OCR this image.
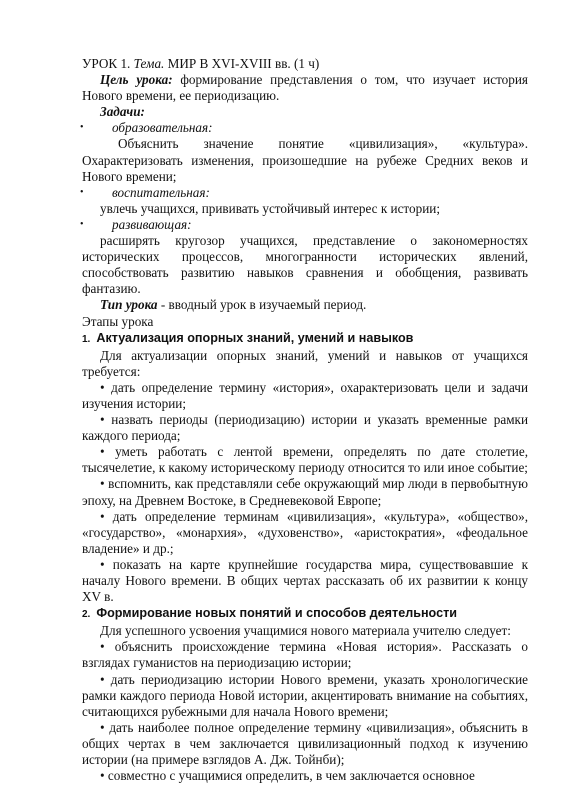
УРОК 1. Тема. МИР В XVI-XVIII вв. (1 ч)

Цель урока: формирование представления о том, что изучает история Нового времени, ее периодизацию.

Задачи:

• образовательная:

Объяснить значение понятие «цивилизация», «культура». Охарактеризовать изменения, произошедшие на рубеже Средних веков и Нового времени;

• воспитательная:

увлечь учащихся, прививать устойчивый интерес к истории;

• развивающая:

расширять кругозор учащихся, представление о закономерностях исторических процессов, многогранности исторических явлений, способствовать развитию навыков сравнения и обобщения, развивать фантазию.

Тип урока - вводный урок в изучаемый период.

Этапы урока

1. Актуализация опорных знаний, умений и навыков

Для актуализации опорных знаний, умений и навыков от учащихся требуется:

• дать определение термину «история», охарактеризовать цели и задачи изучения истории;

• назвать периоды (периодизацию) истории и указать временные рамки каждого периода;

• уметь работать с лентой времени, определять по дате столетие, тысячелетие, к какому историческому периоду относится то или иное событие;

• вспомнить, как представляли себе окружающий мир люди в первобытную эпоху, на Древнем Востоке, в Средневековой Европе;

• дать определение терминам «цивилизация», «культура», «общество», «государство», «монархия», «духовенство», «аристократия», «феодальное владение» и др.;

• показать на карте крупнейшие государства мира, существовавшие к началу Нового времени. В общих чертах рассказать об их развитии к концу XV в.

2. Формирование новых понятий и способов деятельности

Для успешного усвоения учащимися нового материала учителю следует:

• объяснить происхождение термина «Новая история». Рассказать о взглядах гуманистов на периодизацию истории;

• дать периодизацию истории Нового времени, указать хронологические рамки каждого периода Новой истории, акцентировать внимание на событиях, считающихся рубежными для начала Нового времени;

• дать наиболее полное определение термину «цивилизация», объяснить в общих чертах в чем заключается цивилизационный подход к изучению истории (на примере взглядов А. Дж. Тойнби);

• совместно с учащимися определить, в чем заключается основное
